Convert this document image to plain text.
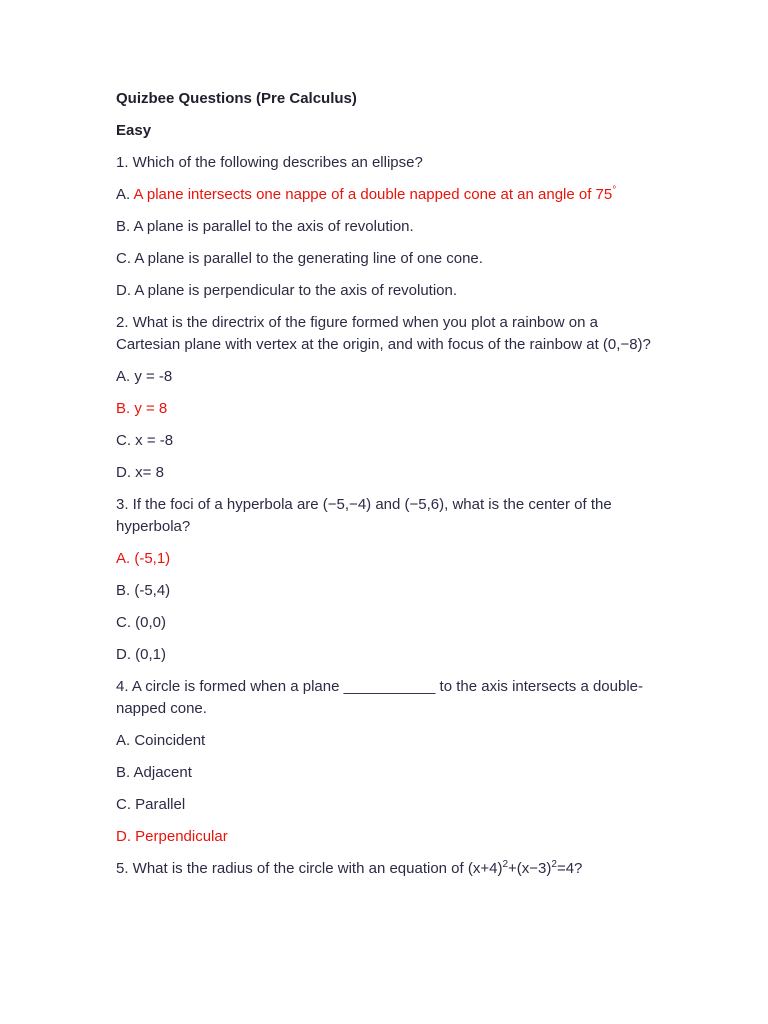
Quizbee Questions (Pre Calculus)
Easy
1. Which of the following describes an ellipse?
A. A plane intersects one nappe of a double napped cone at an angle of 75°
B. A plane is parallel to the axis of revolution.
C. A plane is parallel to the generating line of one cone.
D. A plane is perpendicular to the axis of revolution.
2. What is the directrix of the figure formed when you plot a rainbow on a Cartesian plane with vertex at the origin, and with focus of the rainbow at (0,−8)?
A. y = -8
B. y = 8
C. x = -8
D. x= 8
3. If the foci of a hyperbola are (−5,−4) and (−5,6), what is the center of the hyperbola?
A. (-5,1)
B. (-5,4)
C. (0,0)
D. (0,1)
4. A circle is formed when a plane ___________ to the axis intersects a double-napped cone.
A. Coincident
B. Adjacent
C. Parallel
D. Perpendicular
5. What is the radius of the circle with an equation of $(x+4)^2+(x-3)^2=4$?
